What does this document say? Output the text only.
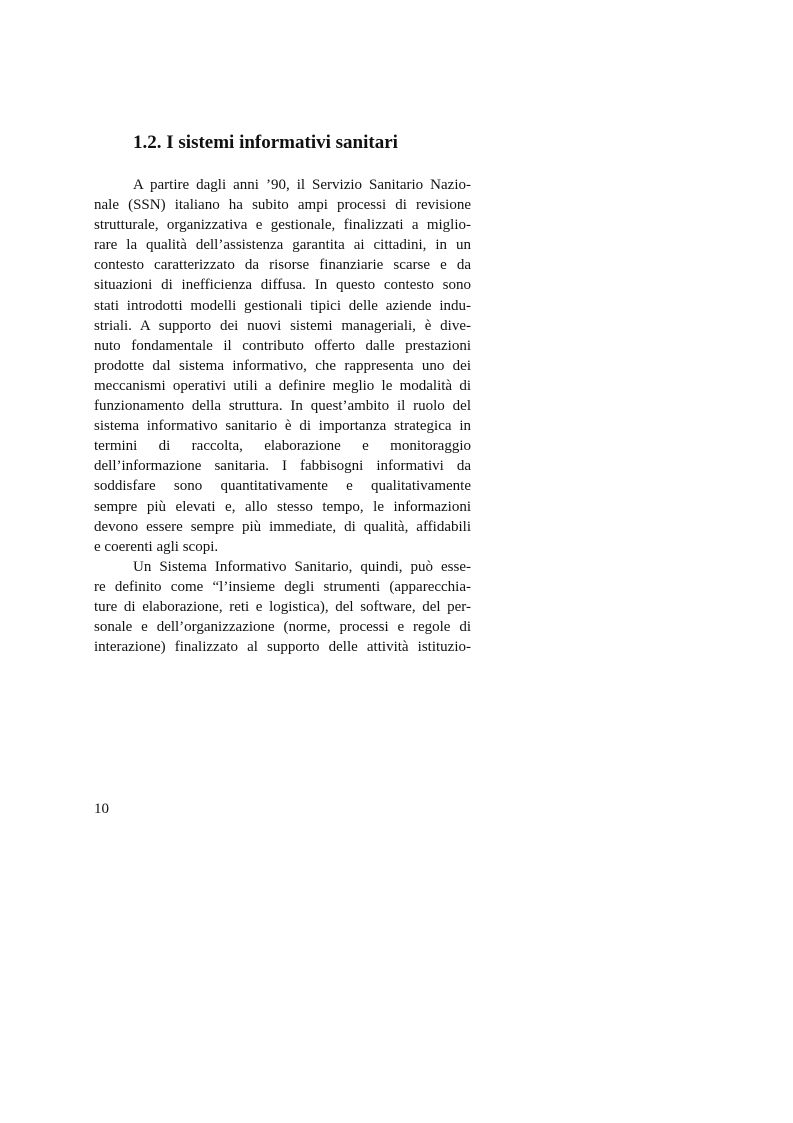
1.2. I sistemi informativi sanitari
A partire dagli anni ’90, il Servizio Sanitario Nazio-
nale (SSN) italiano ha subito ampi processi di revisione
strutturale, organizzativa e gestionale, finalizzati a miglio-
rare la qualità dell’assistenza garantita ai cittadini, in un
contesto caratterizzato da risorse finanziarie scarse e da
situazioni di inefficienza diffusa. In questo contesto sono
stati introdotti modelli gestionali tipici delle aziende indu-
striali. A supporto dei nuovi sistemi manageriali, è dive-
nuto fondamentale il contributo offerto dalle prestazioni
prodotte dal sistema informativo, che rappresenta uno dei
meccanismi operativi utili a definire meglio le modalità di
funzionamento della struttura. In quest’ambito il ruolo del
sistema informativo sanitario è di importanza strategica in
termini di raccolta, elaborazione e monitoraggio
dell’informazione sanitaria. I fabbisogni informativi da
soddisfare sono quantitativamente e qualitativamente
sempre più elevati e, allo stesso tempo, le informazioni
devono essere sempre più immediate, di qualità, affidabili
e coerenti agli scopi.
Un Sistema Informativo Sanitario, quindi, può esse-
re definito come “l’insieme degli strumenti (apparecchia-
ture di elaborazione, reti e logistica), del software, del per-
sonale e dell’organizzazione (norme, processi e regole di
interazione) finalizzato al supporto delle attività istituzio-
10
